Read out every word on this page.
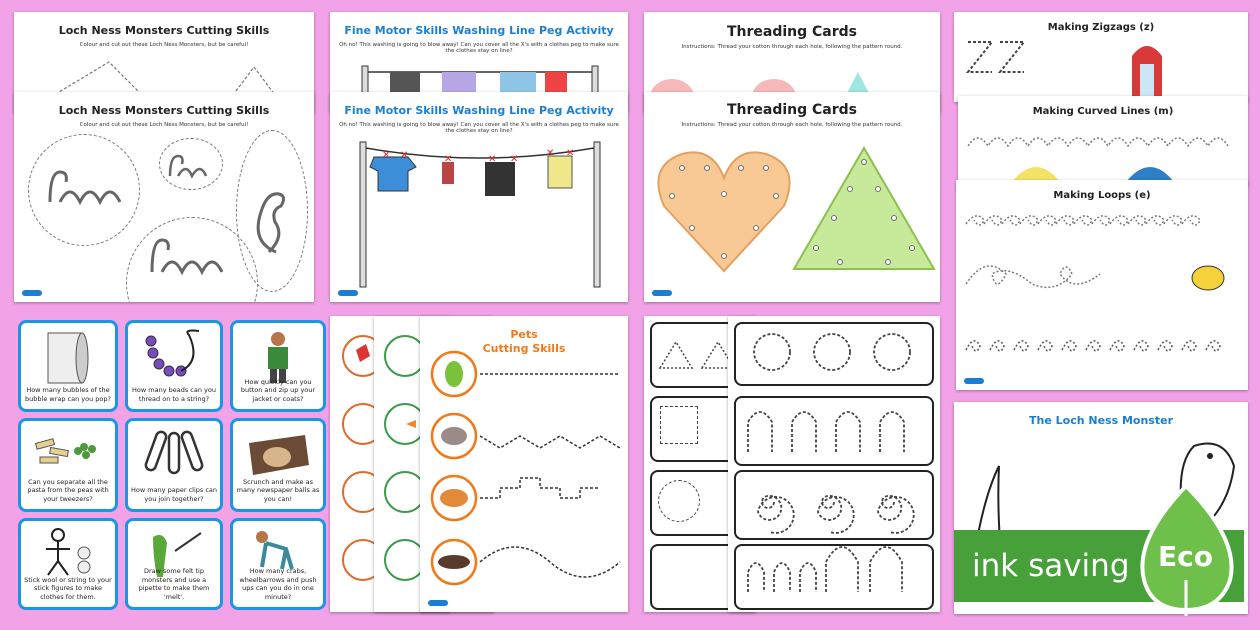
Loch Ness Monsters Cutting Skills
Colour and cut out these Loch Ness Monsters, but be careful!
Loch Ness Monsters Cutting Skills
Colour and cut out these Loch Ness Monsters, but be careful!
Fine Motor Skills Washing Line Peg Activity
Oh no! This washing is going to blow away! Can you cover all the X's with a clothes peg to make sure the clothes stay on line?
Fine Motor Skills Washing Line Peg Activity
Oh no! This washing is going to blow away! Can you cover all the X's with a clothes peg to make sure the clothes stay on line?
✕ ✕	✕	✕ ✕
✕ ✕
Threading Cards
Instructions: Thread your cotton through each hole, following the pattern round.
Threading Cards
Instructions: Thread your cotton through each hole, following the pattern round.
Making Zigzags (z)
Making Curved Lines (m)
Making Loops (e)
The Loch Ness Monster
How many bubbles of the bubble wrap can you pop?
How many beads can you thread on to a string?
How quickly can you button and zip up your jacket or coats?
Can you separate all the pasta from the peas with your tweezers?
How many paper clips can you join together?
Scrunch and make as many newspaper balls as you can!
Stick wool or string to your stick figures to make clothes for them.
Draw some felt tip monsters and use a pipette to make them 'melt'.
How many crabs, wheelbarrows and push ups can you do in one minute?
Pets
Cutting Skills
ink saving Eco
